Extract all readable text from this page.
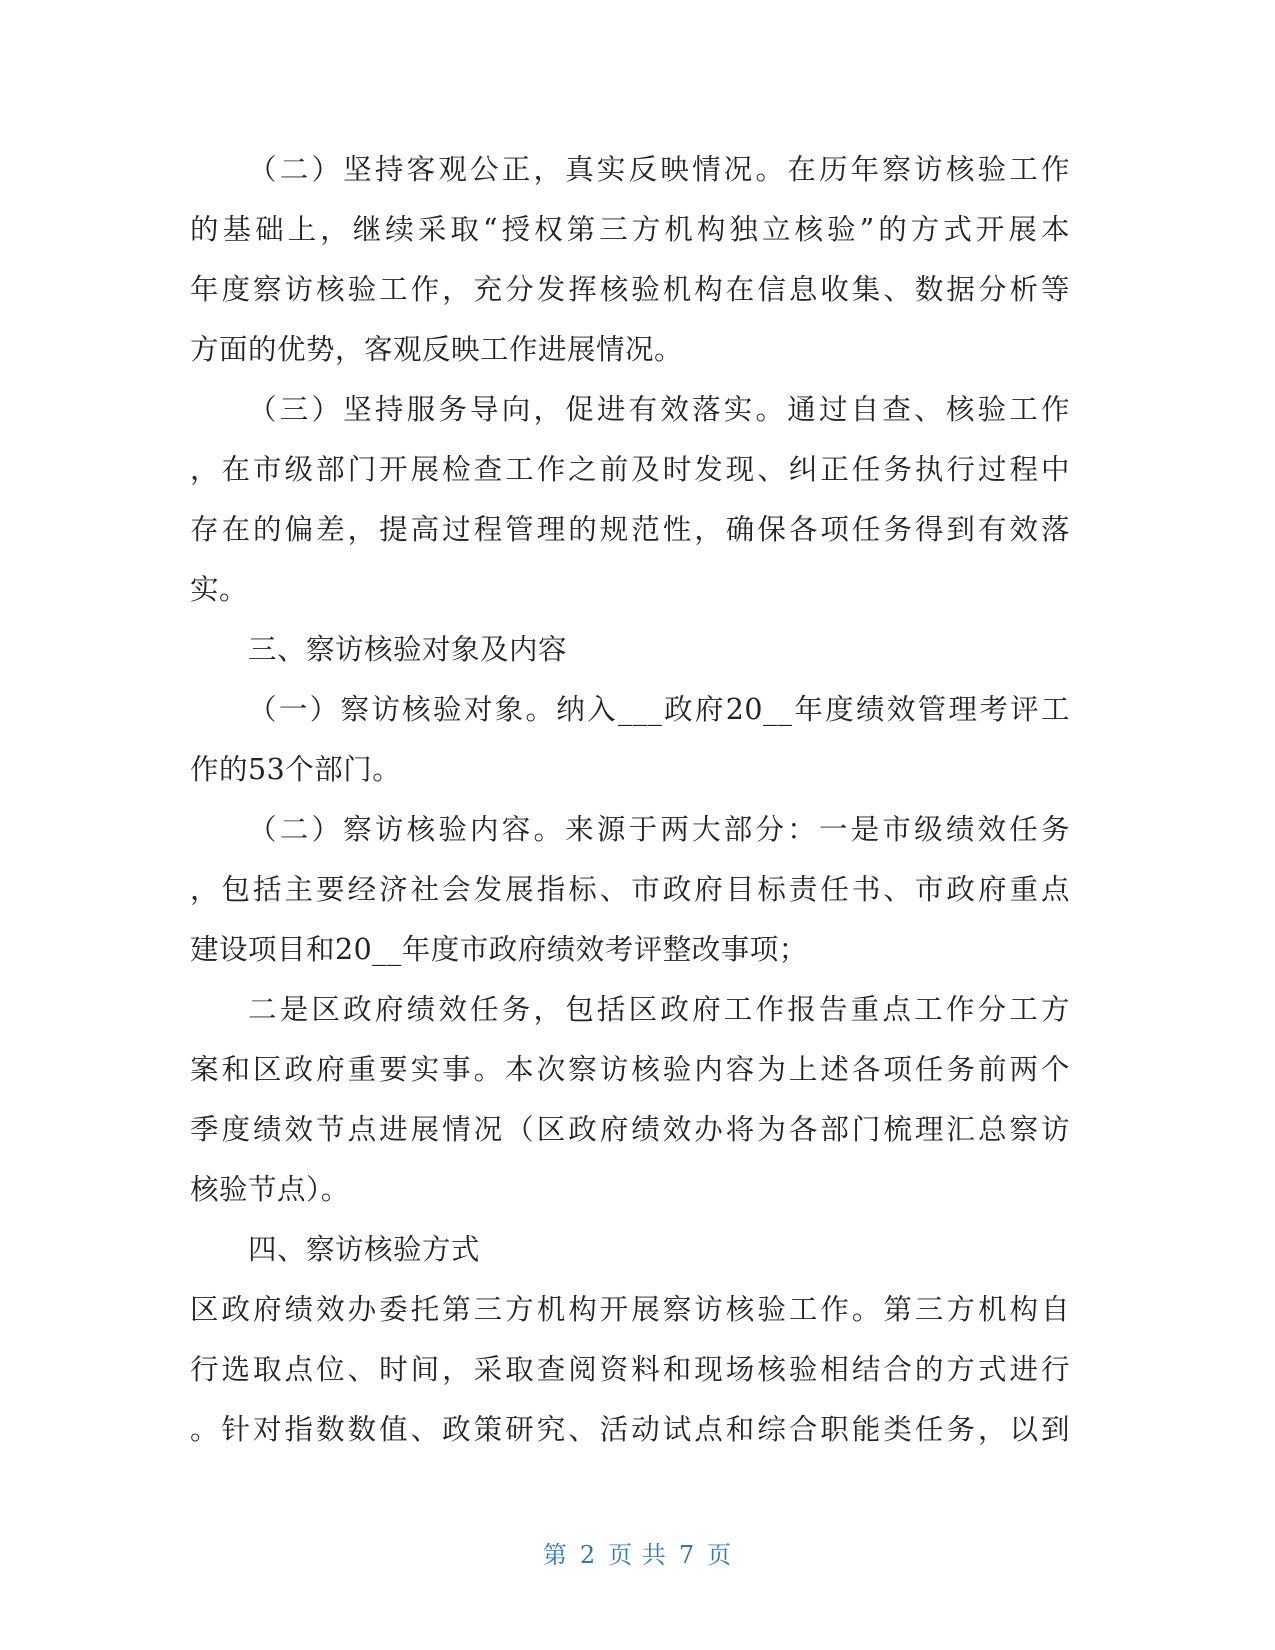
（二）坚持客观公正，真实反映情况。在历年察访核验工作
的基础上，继续采取“授权第三方机构独立核验”的方式开展本
年度察访核验工作，充分发挥核验机构在信息收集、数据分析等
方面的优势，客观反映工作进展情况。
（三）坚持服务导向，促进有效落实。通过自查、核验工作
，在市级部门开展检查工作之前及时发现、纠正任务执行过程中
存在的偏差，提高过程管理的规范性，确保各项任务得到有效落
实。
三、察访核验对象及内容
（一）察访核验对象。纳入___政府20__年度绩效管理考评工
作的53个部门。
（二）察访核验内容。来源于两大部分：一是市级绩效任务
，包括主要经济社会发展指标、市政府目标责任书、市政府重点
建设项目和20__年度市政府绩效考评整改事项；
二是区政府绩效任务，包括区政府工作报告重点工作分工方
案和区政府重要实事。本次察访核验内容为上述各项任务前两个
季度绩效节点进展情况（区政府绩效办将为各部门梳理汇总察访
核验节点）。
四、察访核验方式
区政府绩效办委托第三方机构开展察访核验工作。第三方机构自
行选取点位、时间，采取查阅资料和现场核验相结合的方式进行
。针对指数数值、政策研究、活动试点和综合职能类任务，以到
第 2 页 共 7 页
